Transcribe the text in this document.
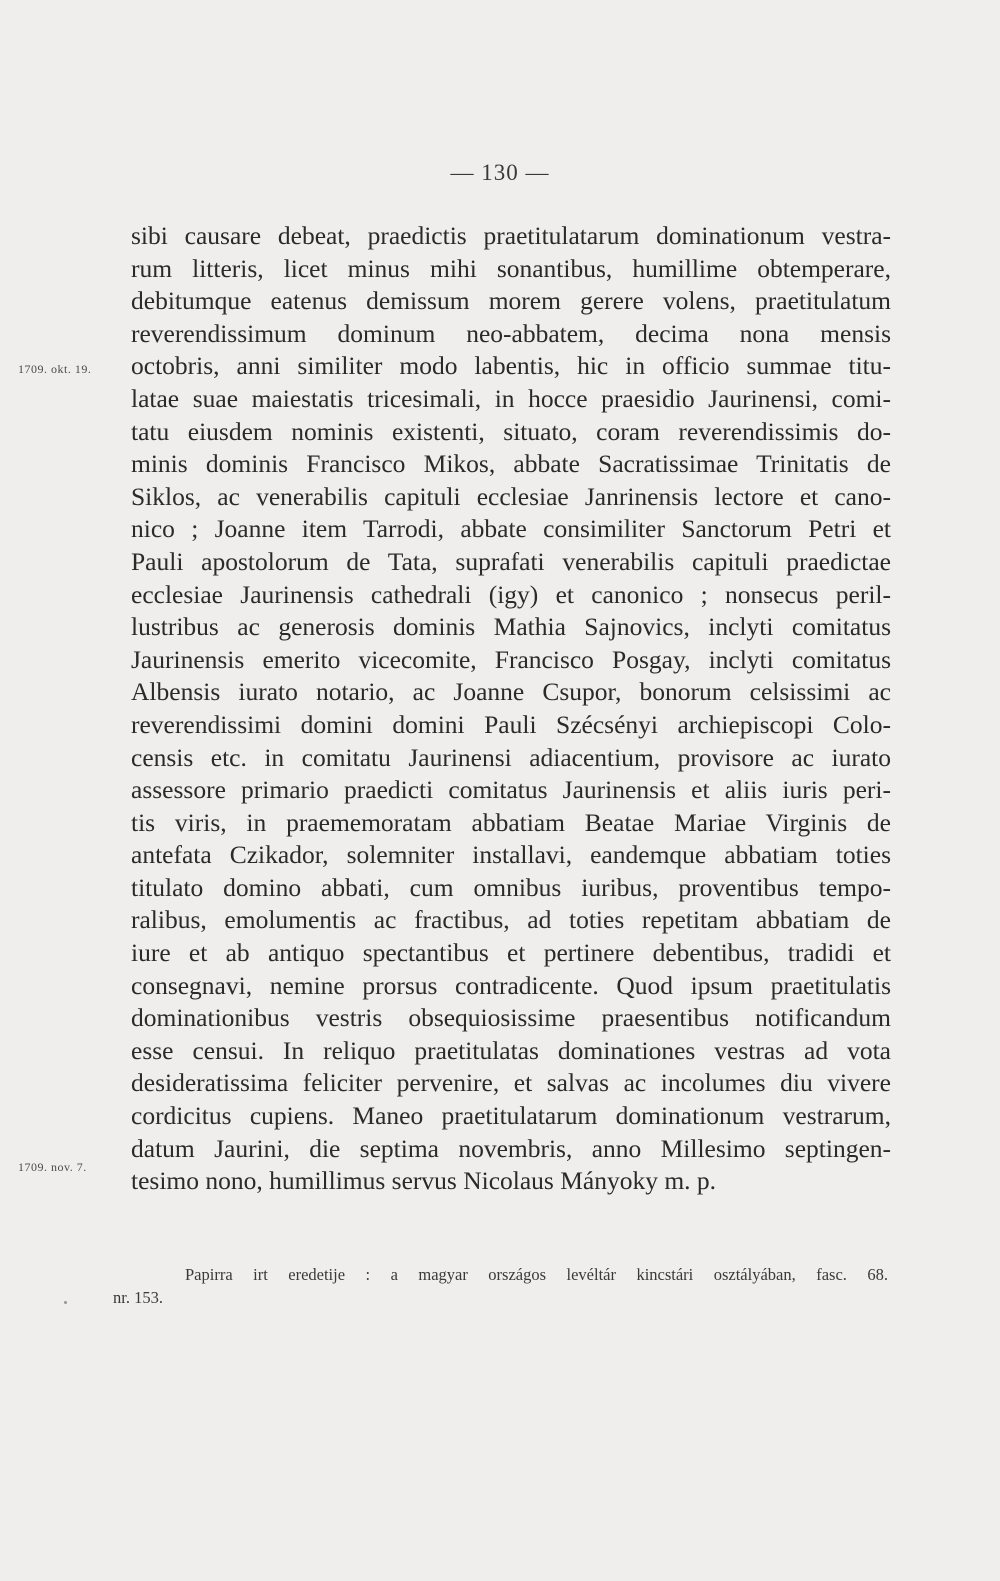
— 130 —
sibi causare debeat, praedictis praetitulatarum dominationum vestra-
rum litteris, licet minus mihi sonantibus, humillime obtemperare,
debitumque eatenus demissum morem gerere volens, praetitulatum
reverendissimum dominum neo-abbatem, decima nona mensis
octobris, anni similiter modo labentis, hic in officio summae titu-
latae suae maiestatis tricesimali, in hocce praesidio Jaurinensi, comi-
tatu eiusdem nominis existenti, situato, coram reverendissimis do-
minis dominis Francisco Mikos, abbate Sacratissimae Trinitatis de
Siklos, ac venerabilis capituli ecclesiae Janrinensis lectore et cano-
nico ; Joanne item Tarrodi, abbate consimiliter Sanctorum Petri et
Pauli apostolorum de Tata, suprafati venerabilis capituli praedictae
ecclesiae Jaurinensis cathedrali (igy) et canonico ; nonsecus peril-
lustribus ac generosis dominis Mathia Sajnovics, inclyti comitatus
Jaurinensis emerito vicecomite, Francisco Posgay, inclyti comitatus
Albensis iurato notario, ac Joanne Csupor, bonorum celsissimi ac
reverendissimi domini domini Pauli Szécsényi archiepiscopi Colo-
censis etc. in comitatu Jaurinensi adiacentium, provisore ac iurato
assessore primario praedicti comitatus Jaurinensis et aliis iuris peri-
tis viris, in praememoratam abbatiam Beatae Mariae Virginis de
antefata Czikador, solemniter installavi, eandemque abbatiam toties
titulato domino abbati, cum omnibus iuribus, proventibus tempo-
ralibus, emolumentis ac fractibus, ad toties repetitam abbatiam de
iure et ab antiquo spectantibus et pertinere debentibus, tradidi et
consegnavi, nemine prorsus contradicente. Quod ipsum praetitulatis
dominationibus vestris obsequiosissime praesentibus notificandum
esse censui. In reliquo praetitulatas dominationes vestras ad vota
desideratissima feliciter pervenire, et salvas ac incolumes diu vivere
cordicitus cupiens. Maneo praetitulatarum dominationum vestrarum,
datum Jaurini, die septima novembris, anno Millesimo septingen-
tesimo nono, humillimus servus Nicolaus Mányoky m. p.
1709. okt. 19.
1709. nov. 7.
Papirra irt eredetije : a magyar országos levéltár kincstári osztályában, fasc. 68.
nr. 153.
